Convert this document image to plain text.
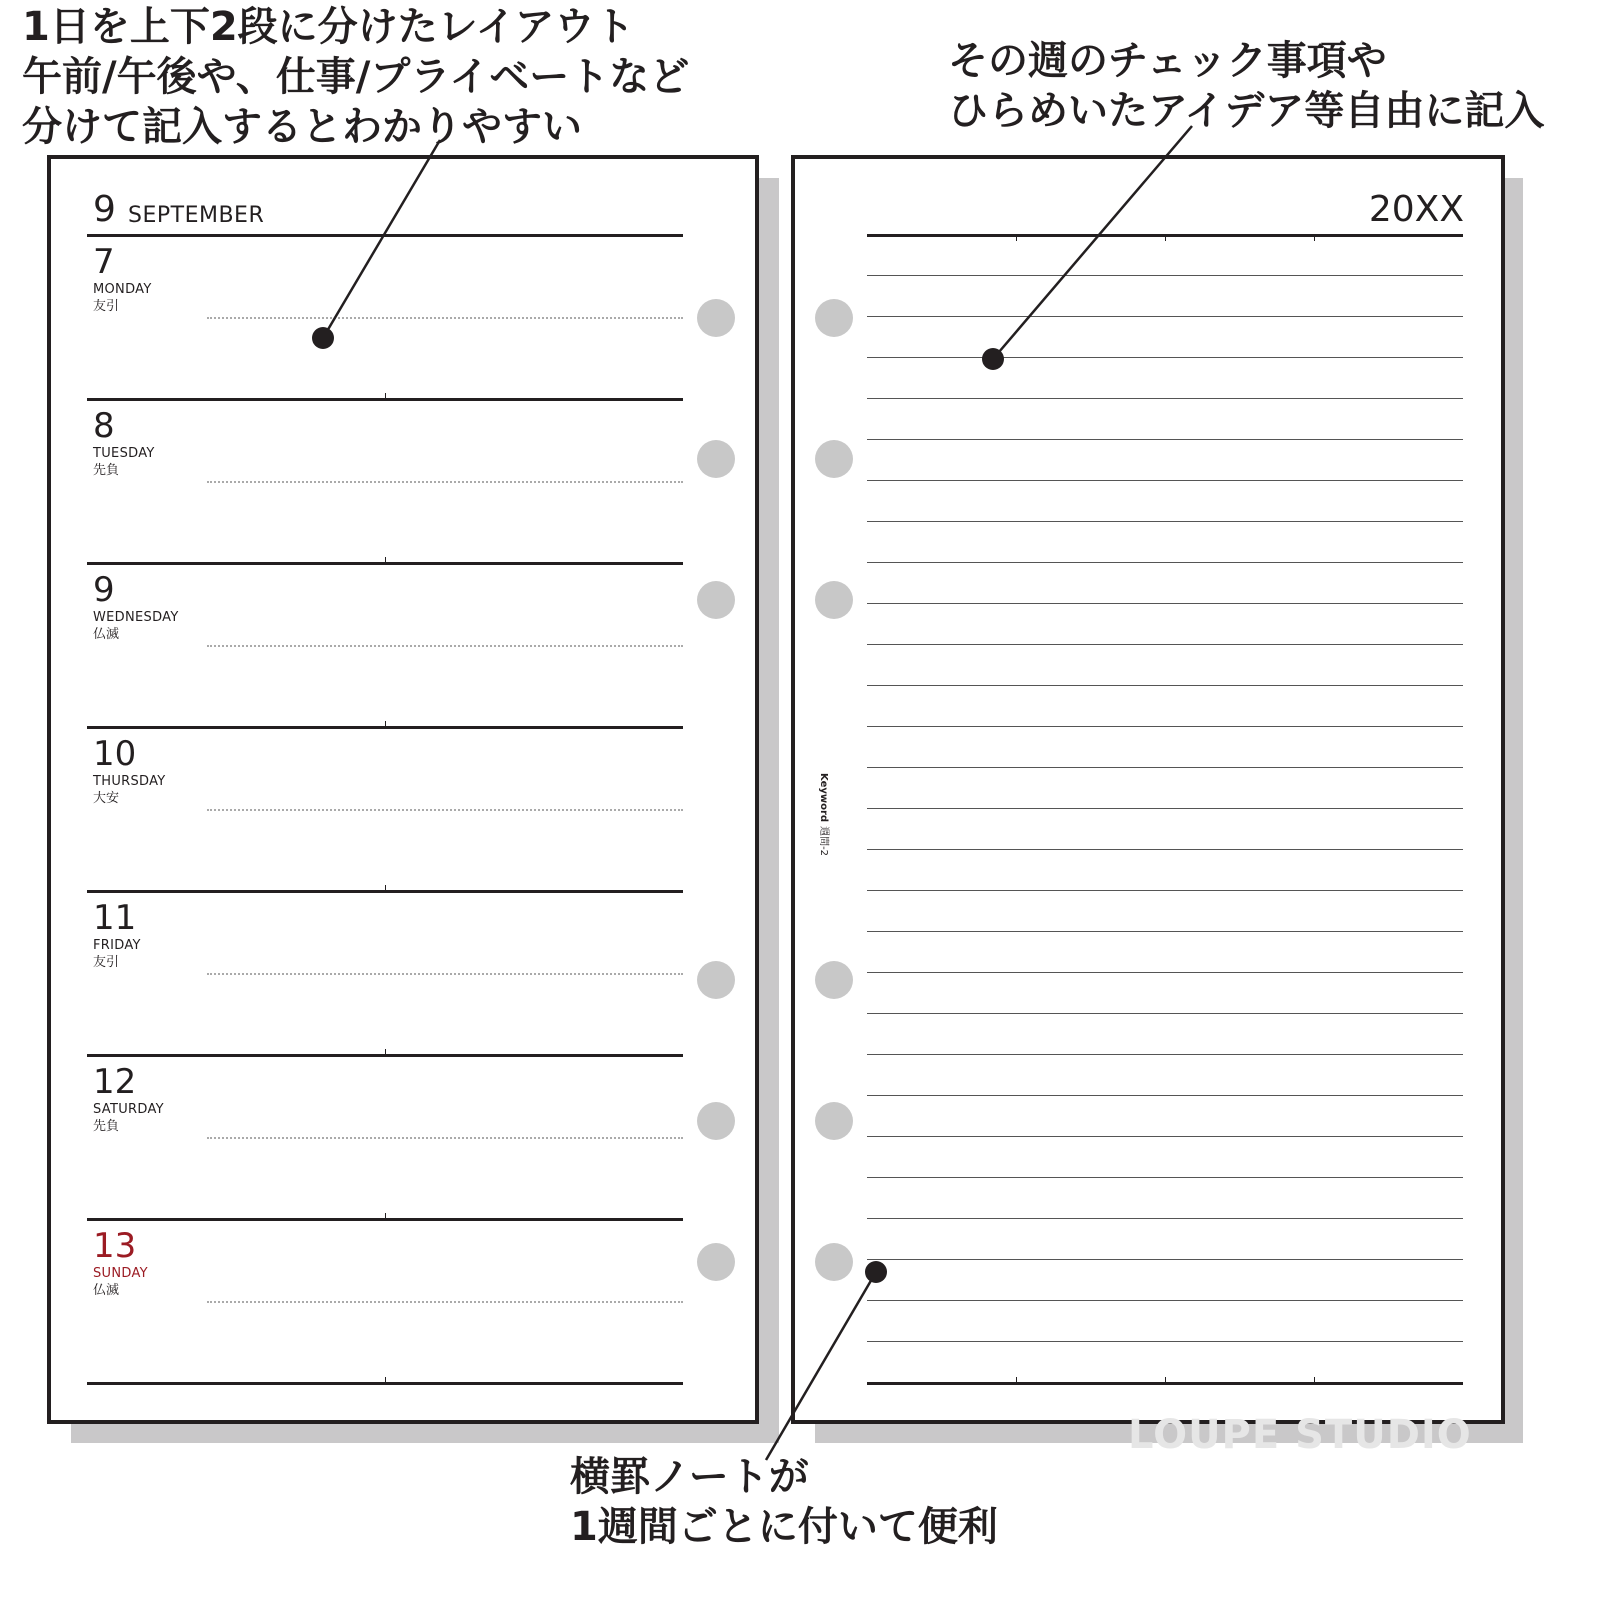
1日を上下2段に分けたレイアウト
午前/午後や、仕事/プライベートなど
分けて記入するとわかりやすい
その週のチェック事項や
ひらめいたアイデア等自由に記入
横罫ノートが
1週間ごとに付いて便利
9 SEPTEMBER
7
MONDAY
友引
8
TUESDAY
先負
9
WEDNESDAY
仏滅
10
THURSDAY
大安
11
FRIDAY
友引
12
SATURDAY
先負
13
SUNDAY
仏滅
20XX
Keyword週間-2
LOUPE STUDIO
